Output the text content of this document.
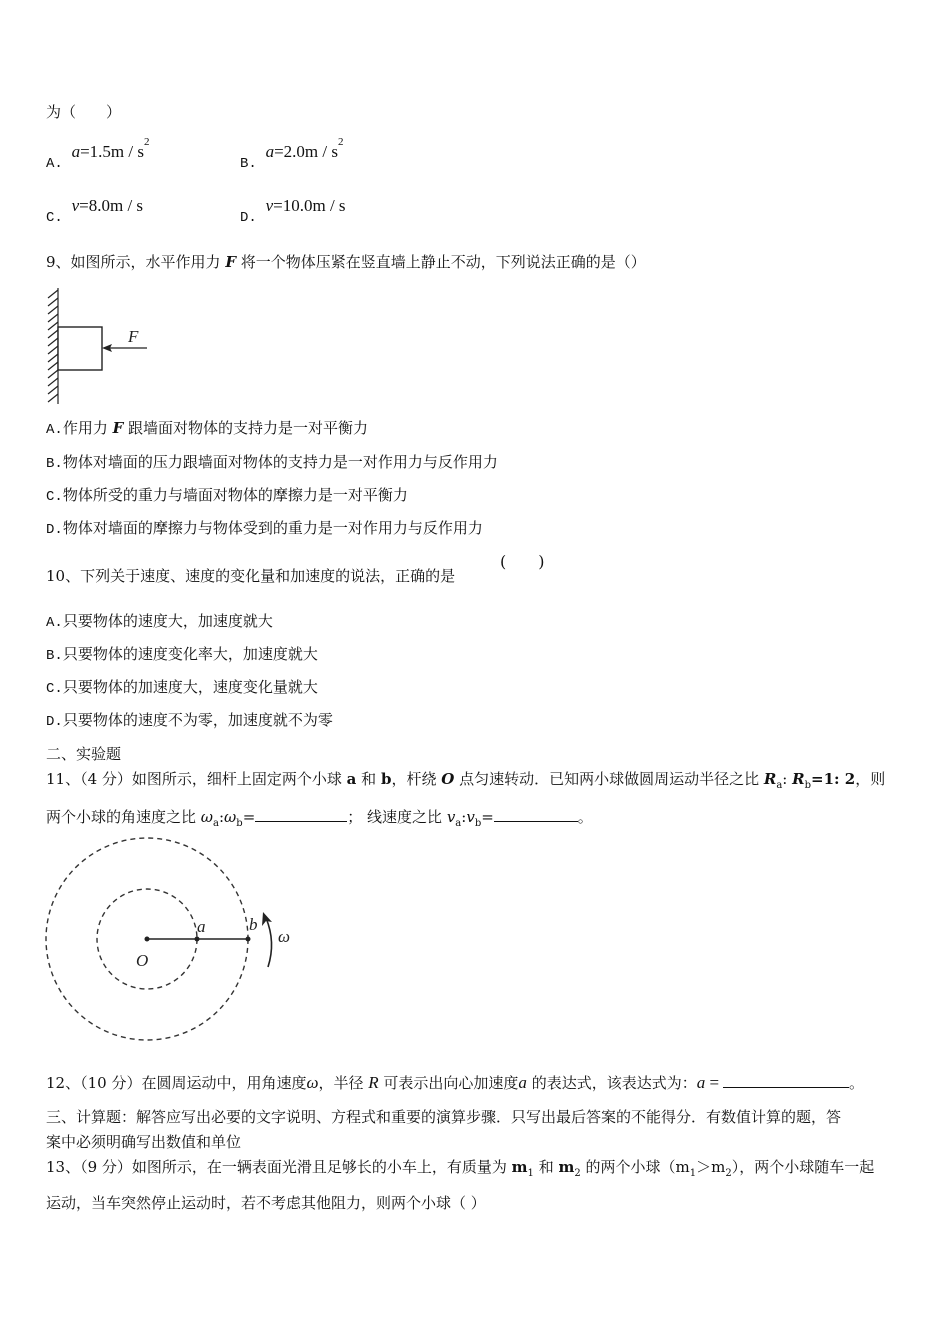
为（　　）
A. $a=1.5m / s^2$
B. $a=2.0m / s^2$
C. v=8.0m / s
D. v=10.0m / s
9、如图所示，水平作用力 F 将一个物体压紧在竖直墙上静止不动，下列说法正确的是（）
F
A.作用力 F 跟墙面对物体的支持力是一对平衡力
B.物体对墙面的压力跟墙面对物体的支持力是一对作用力与反作用力
C.物体所受的重力与墙面对物体的摩擦力是一对平衡力
D.物体对墙面的摩擦力与物体受到的重力是一对作用力与反作用力
10、下列关于速度、速度的变化量和加速度的说法，正确的是
(　　)
A.只要物体的速度大，加速度就大
B.只要物体的速度变化率大，加速度就大
C.只要物体的加速度大，速度变化量就大
D.只要物体的速度不为零，加速度就不为零
二、实验题
11、（4 分）如图所示，细杆上固定两个小球 a 和 b，杆绕 O 点匀速转动．已知两小球做圆周运动半径之比 $R_a$: $R_b=1$: 2，则
两个小球的角速度之比 $\omega_a:\omega_b=$	； 线速度之比 $v_a:v_b=$	。
a	b
O
ω
12、（10 分）在圆周运动中，用角速度ω，半径 R 可表示出向心加速度a 的表达式，该表达式为：a =	。
三、计算题：解答应写出必要的文字说明、方程式和重要的演算步骤．只写出最后答案的不能得分．有数值计算的题，答
案中必须明确写出数值和单位
13、（9 分）如图所示，在一辆表面光滑且足够长的小车上，有质量为 $m_1$ 和 $m_2$ 的两个小球$(m_1>m_2)$，两个小球随车一起
运动，当车突然停止运动时，若不考虑其他阻力，则两个小球（ ）
